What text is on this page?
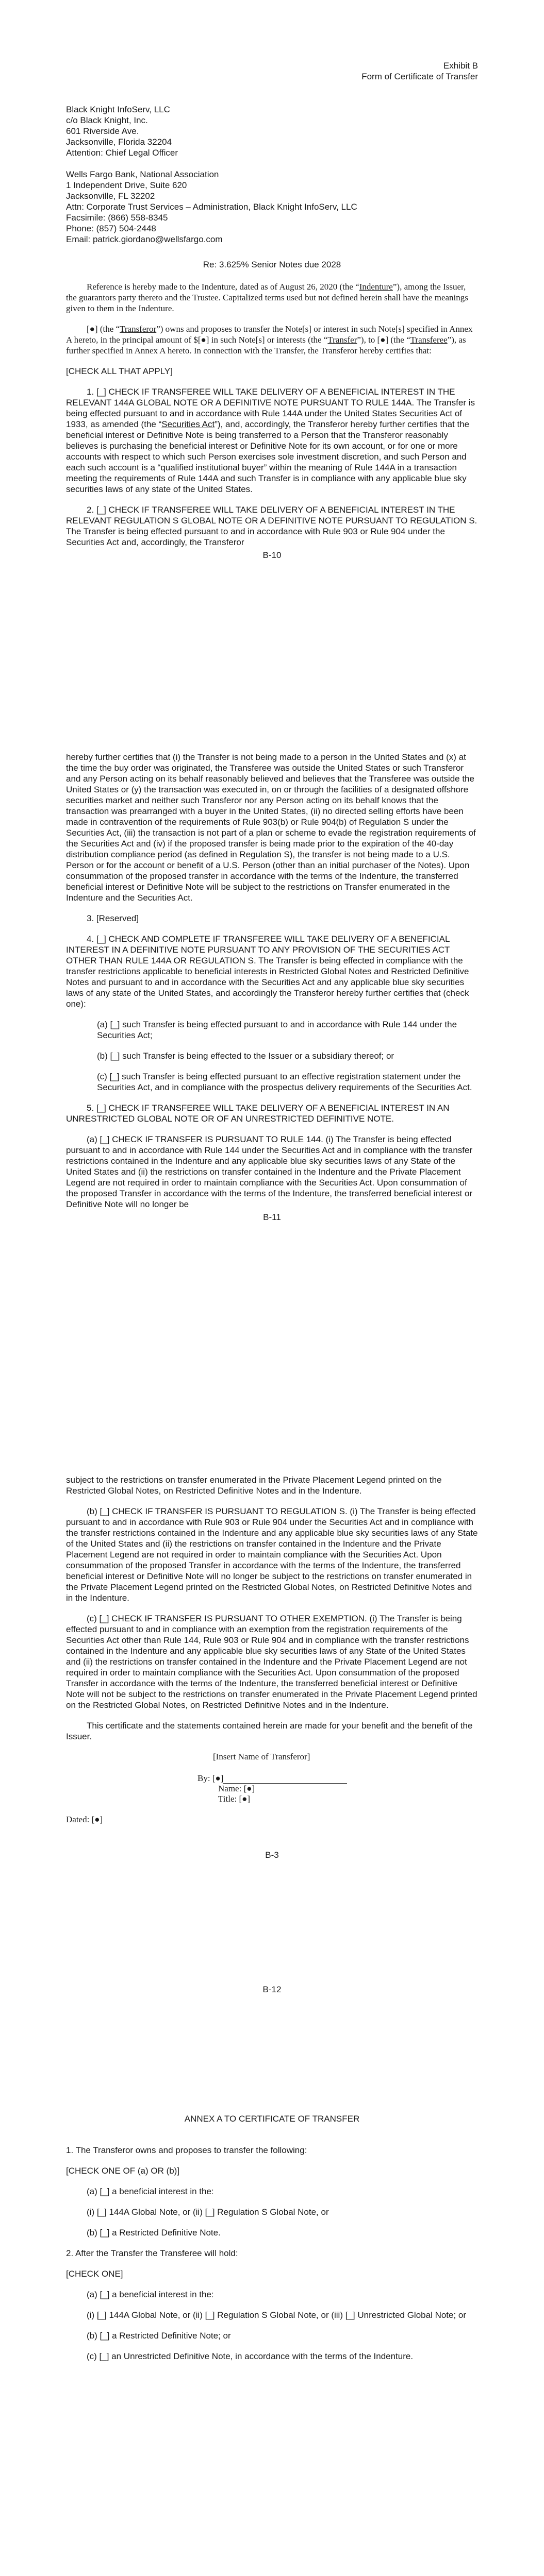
Exhibit B
Form of Certificate of Transfer

Black Knight InfoServ, LLC

c/o Black Knight, Inc.

601 Riverside Ave.

Jacksonville, Florida 32204

Attention: Chief Legal Officer

Wells Fargo Bank, National Association

1 Independent Drive, Suite 620

Jacksonville, FL 32202

Attn: Corporate Trust Services – Administration, Black Knight InfoServ, LLC

Facsimile: (866) 558-8345

Phone: (857) 504-2448

Email: patrick.giordano@wellsfargo.com

Re: 3.625% Senior Notes due 2028

Reference is hereby made to the Indenture, dated as of August 26, 2020 (the “Indenture”), among the Issuer, the guarantors party thereto and the Trustee. Capitalized terms used but not defined herein shall have the meanings given to them in the Indenture.

[●] (the “Transferor”) owns and proposes to transfer the Note[s] or interest in such Note[s] specified in Annex A hereto, in the principal amount of $[●] in such Note[s] or interests (the “Transfer”), to [●] (the “Transferee”), as further specified in Annex A hereto. In connection with the Transfer, the Transferor hereby certifies that:

[CHECK ALL THAT APPLY]

1. [_] CHECK IF TRANSFEREE WILL TAKE DELIVERY OF A BENEFICIAL INTEREST IN THE RELEVANT 144A GLOBAL NOTE OR A DEFINITIVE NOTE PURSUANT TO RULE 144A. The Transfer is being effected pursuant to and in accordance with Rule 144A under the United States Securities Act of 1933, as amended (the “Securities Act”), and, accordingly, the Transferor hereby further certifies that the beneficial interest or Definitive Note is being transferred to a Person that the Transferor reasonably believes is purchasing the beneficial interest or Definitive Note for its own account, or for one or more accounts with respect to which such Person exercises sole investment discretion, and such Person and each such account is a “qualified institutional buyer” within the meaning of Rule 144A in a transaction meeting the requirements of Rule 144A and such Transfer is in compliance with any applicable blue sky securities laws of any state of the United States.

2. [_] CHECK IF TRANSFEREE WILL TAKE DELIVERY OF A BENEFICIAL INTEREST IN THE RELEVANT REGULATION S GLOBAL NOTE OR A DEFINITIVE NOTE PURSUANT TO REGULATION S. The Transfer is being effected pursuant to and in accordance with Rule 903 or Rule 904 under the Securities Act and, accordingly, the Transferor

B-10

hereby further certifies that (i) the Transfer is not being made to a person in the United States and (x) at the time the buy order was originated, the Transferee was outside the United States or such Transferor and any Person acting on its behalf reasonably believed and believes that the Transferee was outside the United States or (y) the transaction was executed in, on or through the facilities of a designated offshore securities market and neither such Transferor nor any Person acting on its behalf knows that the transaction was prearranged with a buyer in the United States, (ii) no directed selling efforts have been made in contravention of the requirements of Rule 903(b) or Rule 904(b) of Regulation S under the Securities Act, (iii) the transaction is not part of a plan or scheme to evade the registration requirements of the Securities Act and (iv) if the proposed transfer is being made prior to the expiration of the 40-day distribution compliance period (as defined in Regulation S), the transfer is not being made to a U.S. Person or for the account or benefit of a U.S. Person (other than an initial purchaser of the Notes). Upon consummation of the proposed transfer in accordance with the terms of the Indenture, the transferred beneficial interest or Definitive Note will be subject to the restrictions on Transfer enumerated in the Indenture and the Securities Act.

3. [Reserved]

4. [_] CHECK AND COMPLETE IF TRANSFEREE WILL TAKE DELIVERY OF A BENEFICIAL INTEREST IN A DEFINITIVE NOTE PURSUANT TO ANY PROVISION OF THE SECURITIES ACT OTHER THAN RULE 144A OR REGULATION S. The Transfer is being effected in compliance with the transfer restrictions applicable to beneficial interests in Restricted Global Notes and Restricted Definitive Notes and pursuant to and in accordance with the Securities Act and any applicable blue sky securities laws of any state of the United States, and accordingly the Transferor hereby further certifies that (check one):

(a) [_] such Transfer is being effected pursuant to and in accordance with Rule 144 under the Securities Act;

(b) [_] such Transfer is being effected to the Issuer or a subsidiary thereof; or

(c) [_] such Transfer is being effected pursuant to an effective registration statement under the Securities Act, and in compliance with the prospectus delivery requirements of the Securities Act.

5. [_] CHECK IF TRANSFEREE WILL TAKE DELIVERY OF A BENEFICIAL INTEREST IN AN UNRESTRICTED GLOBAL NOTE OR OF AN UNRESTRICTED DEFINITIVE NOTE.

(a) [_] CHECK IF TRANSFER IS PURSUANT TO RULE 144. (i) The Transfer is being effected pursuant to and in accordance with Rule 144 under the Securities Act and in compliance with the transfer restrictions contained in the Indenture and any applicable blue sky securities laws of any State of the United States and (ii) the restrictions on transfer contained in the Indenture and the Private Placement Legend are not required in order to maintain compliance with the Securities Act. Upon consummation of the proposed Transfer in accordance with the terms of the Indenture, the transferred beneficial interest or Definitive Note will no longer be

B-11

subject to the restrictions on transfer enumerated in the Private Placement Legend printed on the Restricted Global Notes, on Restricted Definitive Notes and in the Indenture.

(b) [_] CHECK IF TRANSFER IS PURSUANT TO REGULATION S. (i) The Transfer is being effected pursuant to and in accordance with Rule 903 or Rule 904 under the Securities Act and in compliance with the transfer restrictions contained in the Indenture and any applicable blue sky securities laws of any State of the United States and (ii) the restrictions on transfer contained in the Indenture and the Private Placement Legend are not required in order to maintain compliance with the Securities Act. Upon consummation of the proposed Transfer in accordance with the terms of the Indenture, the transferred beneficial interest or Definitive Note will no longer be subject to the restrictions on transfer enumerated in the Private Placement Legend printed on the Restricted Global Notes, on Restricted Definitive Notes and in the Indenture.

(c) [_] CHECK IF TRANSFER IS PURSUANT TO OTHER EXEMPTION. (i) The Transfer is being effected pursuant to and in compliance with an exemption from the registration requirements of the Securities Act other than Rule 144, Rule 903 or Rule 904 and in compliance with the transfer restrictions contained in the Indenture and any applicable blue sky securities laws of any State of the United States and (ii) the restrictions on transfer contained in the Indenture and the Private Placement Legend are not required in order to maintain compliance with the Securities Act. Upon consummation of the proposed Transfer in accordance with the terms of the Indenture, the transferred beneficial interest or Definitive Note will not be subject to the restrictions on transfer enumerated in the Private Placement Legend printed on the Restricted Global Notes, on Restricted Definitive Notes and in the Indenture.

This certificate and the statements contained herein are made for your benefit and the benefit of the Issuer.

[Insert Name of Transferor]
By: [●]
Name: [●]
Title: [●]
Dated: [●]
B-3
B-12
ANNEX A TO CERTIFICATE OF TRANSFER

1. The Transferor owns and proposes to transfer the following:

[CHECK ONE OF (a) OR (b)]

(a) [_] a beneficial interest in the:

(i) [_] 144A Global Note, or (ii) [_] Regulation S Global Note, or

(b) [_] a Restricted Definitive Note.

2. After the Transfer the Transferee will hold:

[CHECK ONE]

(a) [_] a beneficial interest in the:

(i) [_] 144A Global Note, or (ii) [_] Regulation S Global Note, or (iii) [_] Unrestricted Global Note; or

(b) [_] a Restricted Definitive Note; or

(c) [_] an Unrestricted Definitive Note, in accordance with the terms of the Indenture.
